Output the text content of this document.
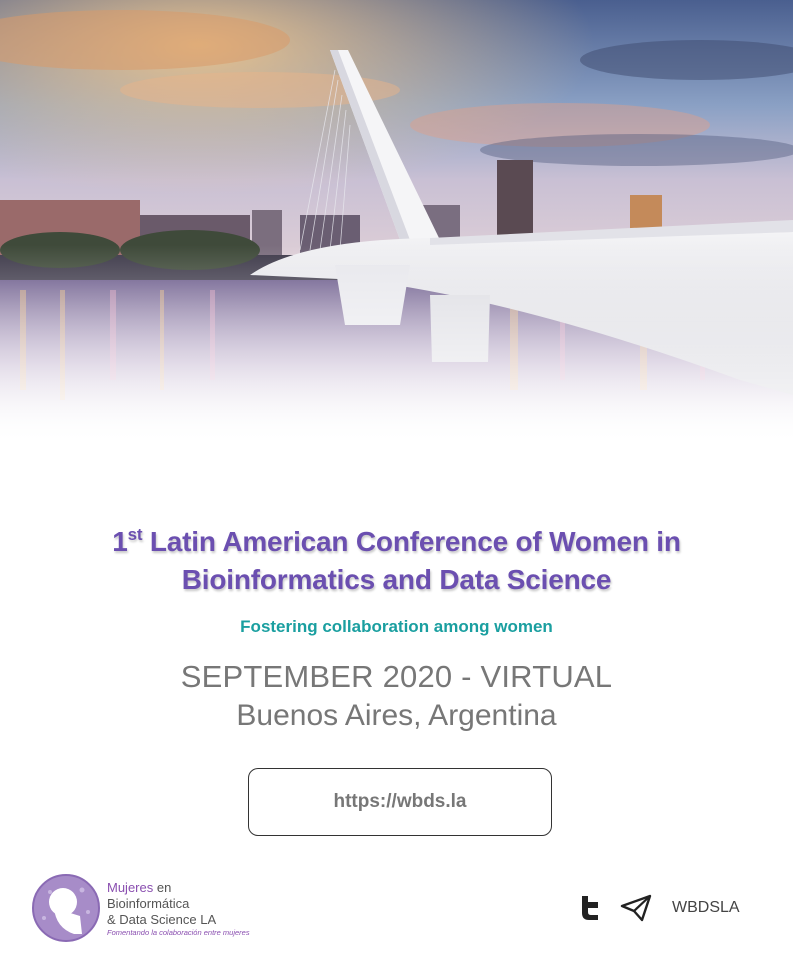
1st Latin American Conference of Women in
Bioinformatics and Data Science
Fostering collaboration among women
SEPTEMBER 2020 - VIRTUAL
Buenos Aires, Argentina
https://wbds.la
Mujeres en
Bioinformática
& Data Science LA
Fomentando la colaboración entre mujeres
WBDSLA
